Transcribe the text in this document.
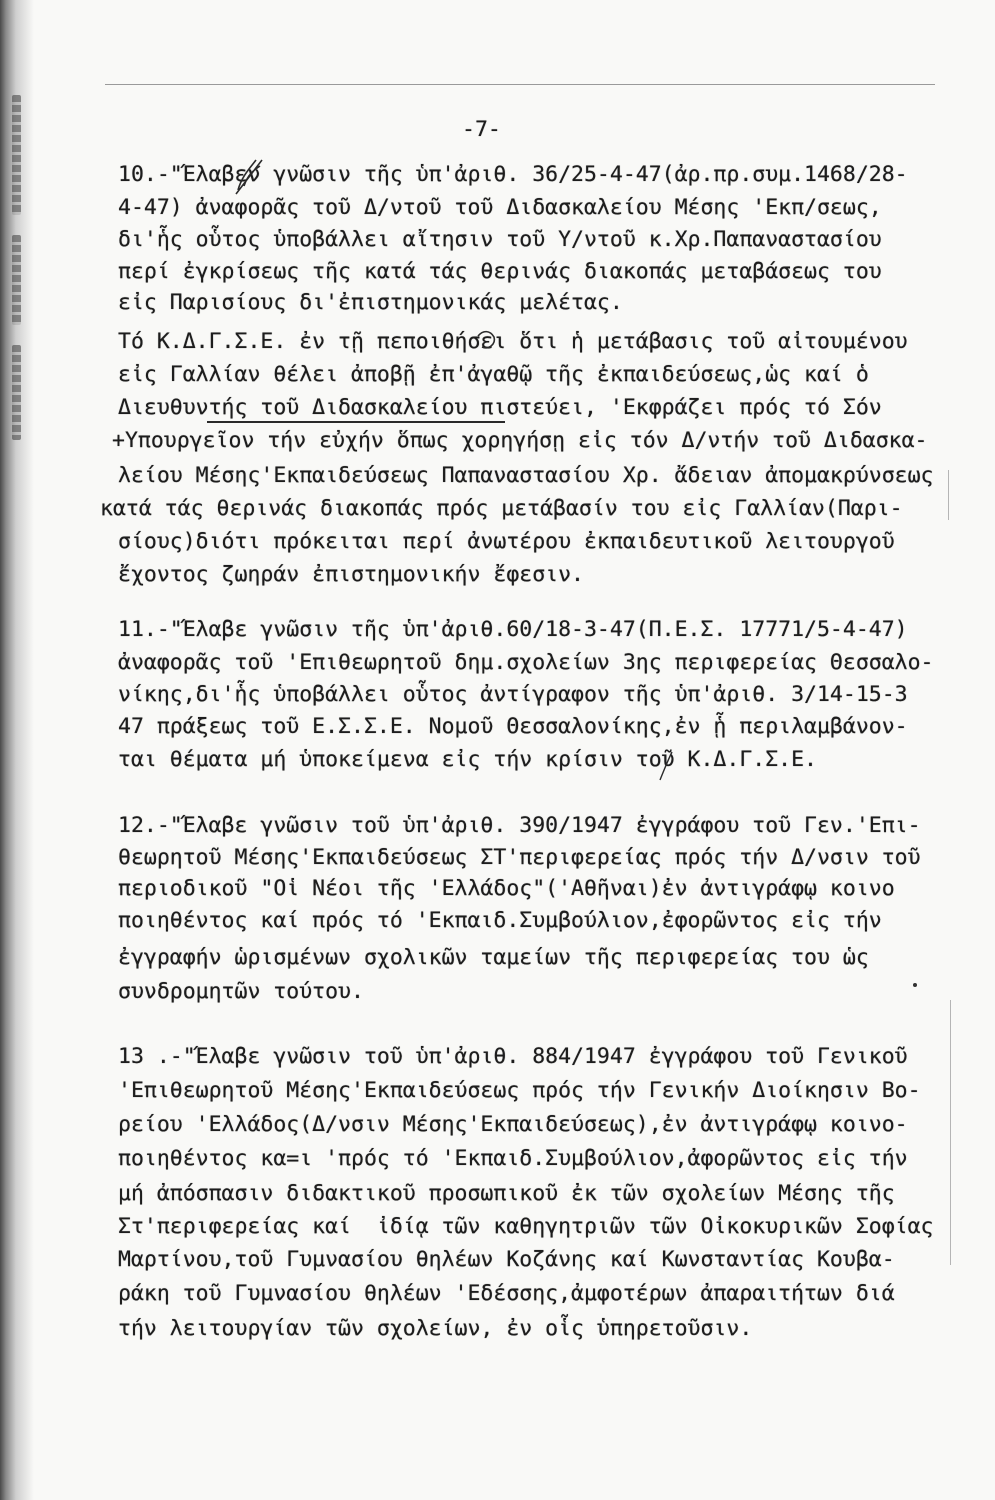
-7-
10.-"Έλαβεν γνῶσιν τῆς ὑπ'ἀριθ. 36/25-4-47(ἀρ.πρ.συμ.1468/28-
4-47) ἀναφορᾶς τοῦ Δ/ντοῦ τοῦ Διδασκαλείου Μέσης 'Εκπ/σεως,
δι'ἧς οὗτος ὑποβάλλει αἴτησιν τοῦ Υ/ντοῦ κ.Χρ.Παπαναστασίου
περί ἐγκρίσεως τῆς κατά τάς θερινάς διακοπάς μεταβάσεως του
εἰς Παρισίους δι'ἐπιστημονικάς μελέτας.
Τό Κ.Δ.Γ.Σ.Ε. ἐν τῇ πεποιθήσει ὅτι ἡ μετάβασις τοῦ αἰτουμένου
εἰς Γαλλίαν θέλει ἀποβῇ ἐπ'ἀγαθῷ τῆς ἐκπαιδεύσεως,ὡς καί ὁ
Διευθυντής τοῦ Διδασκαλείου πιστεύει, 'Εκφράζει πρός τό Σόν
+Υπουργεῖον τήν εὐχήν ὅπως χορηγήσῃ εἰς τόν Δ/ντήν τοῦ Διδασκα-
λείου Μέσης'Εκπαιδεύσεως Παπαναστασίου Χρ. ἄδειαν ἀπομακρύνσεως
κατά τάς θερινάς διακοπάς πρός μετάβασίν του εἰς Γαλλίαν(Παρι-
σίους)διότι πρόκειται περί ἀνωτέρου ἐκπαιδευτικοῦ λειτουργοῦ
ἔχοντος ζωηράν ἐπιστημονικήν ἔφεσιν.
11.-"Έλαβε γνῶσιν τῆς ὑπ'ἀριθ.60/18-3-47(Π.Ε.Σ. 17771/5-4-47)
ἀναφορᾶς τοῦ 'Επιθεωρητοῦ δημ.σχολείων 3ης περιφερείας Θεσσαλο-
νίκης,δι'ἧς ὑποβάλλει οὗτος ἀντίγραφον τῆς ὑπ'ἀριθ. 3/14-15-3
47 πράξεως τοῦ Ε.Σ.Σ.Ε. Νομοῦ Θεσσαλονίκης,ἐν ᾗ περιλαμβάνον-
ται θέματα μή ὑποκείμενα εἰς τήν κρίσιν τοῦ Κ.Δ.Γ.Σ.Ε.
12.-"Έλαβε γνῶσιν τοῦ ὑπ'ἀριθ. 390/1947 ἐγγράφου τοῦ Γεν.'Επι-
θεωρητοῦ Μέσης'Εκπαιδεύσεως ΣΤ'περιφερείας πρός τήν Δ/νσιν τοῦ
περιοδικοῦ "Οἱ Νέοι τῆς 'Ελλάδος"('Αθῆναι)ἐν ἀντιγράφῳ κοινο
ποιηθέντος καί πρός τό 'Εκπαιδ.Συμβούλιον,ἐφορῶντος εἰς τήν
ἐγγραφήν ὡρισμένων σχολικῶν ταμείων τῆς περιφερείας του ὡς
συνδρομητῶν τούτου.
13 .-"Έλαβε γνῶσιν τοῦ ὑπ'ἀριθ. 884/1947 ἐγγράφου τοῦ Γενικοῦ
'Επιθεωρητοῦ Μέσης'Εκπαιδεύσεως πρός τήν Γενικήν Διοίκησιν Βο-
ρείου 'Ελλάδος(Δ/νσιν Μέσης'Εκπαιδεύσεως),ἐν ἀντιγράφῳ κοινο-
ποιηθέντος κα=ι 'πρός τό 'Εκπαιδ.Συμβούλιον,ἀφορῶντος εἰς τήν
μή ἀπόσπασιν διδακτικοῦ προσωπικοῦ ἐκ τῶν σχολείων Μέσης τῆς
Στ'περιφερείας καί  ἰδίᾳ τῶν καθηγητριῶν τῶν Οἰκοκυρικῶν Σοφίας
Μαρτίνου,τοῦ Γυμνασίου θηλέων Κοζάνης καί Κωνσταντίας Κουβα-
ράκη τοῦ Γυμνασίου θηλέων 'Εδέσσης,ἀμφοτέρων ἀπαραιτήτων διά
τήν λειτουργίαν τῶν σχολείων, ἐν οἷς ὑπηρετοῦσιν.
